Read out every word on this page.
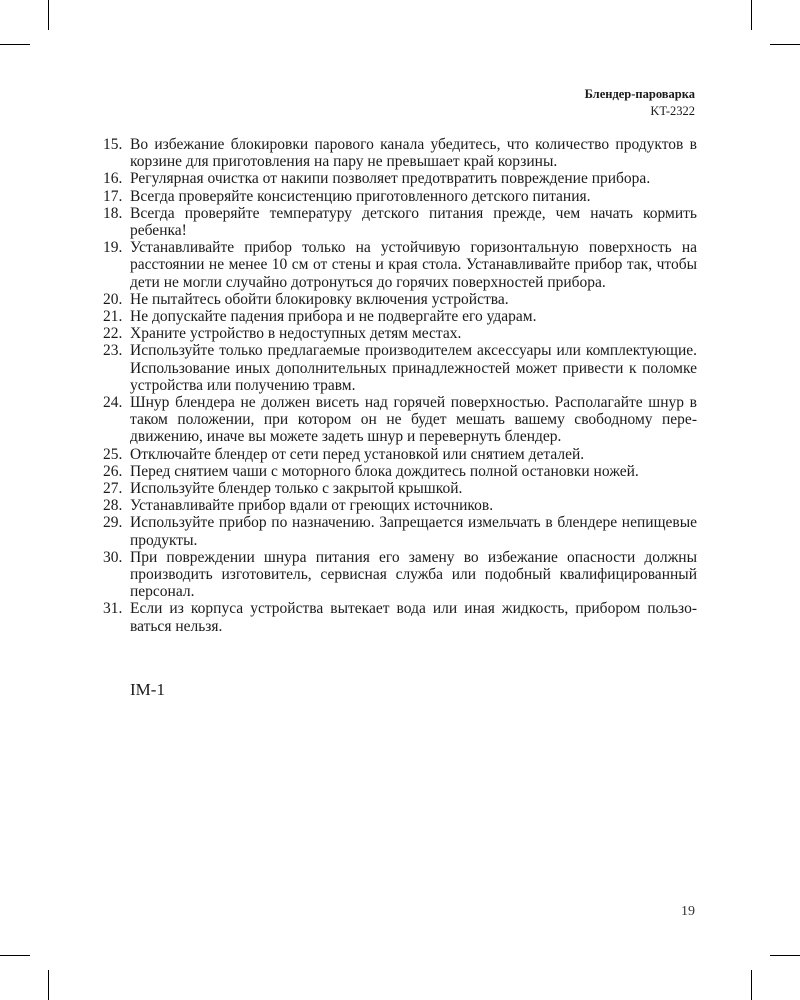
Блендер-пароварка
KT-2322
15. Во избежание блокировки парового канала убедитесь, что количество продуктов в корзине для приготовления на пару не превышает край корзины.
16. Регулярная очистка от накипи позволяет предотвратить повреждение прибора.
17. Всегда проверяйте консистенцию приготовленного детского питания.
18. Всегда проверяйте температуру детского питания прежде, чем начать кормить ребенка!
19. Устанавливайте прибор только на устойчивую горизонтальную поверхность на расстоянии не менее 10 см от стены и края стола. Устанавливайте прибор так, чтобы дети не могли случайно дотронуться до горячих поверхностей прибора.
20. Не пытайтесь обойти блокировку включения устройства.
21. Не допускайте падения прибора и не подвергайте его ударам.
22. Храните устройство в недоступных детям местах.
23. Используйте только предлагаемые производителем аксессуары или комплектующие. Использование иных дополнительных принадлежностей может привести к поломке устройства или получению травм.
24. Шнур блендера не должен висеть над горячей поверхностью. Располагайте шнур в таком положении, при котором он не будет мешать вашему свободному передвижению, иначе вы можете задеть шнур и перевернуть блендер.
25. Отключайте блендер от сети перед установкой или снятием деталей.
26. Перед снятием чаши с моторного блока дождитесь полной остановки ножей.
27. Используйте блендер только с закрытой крышкой.
28. Устанавливайте прибор вдали от греющих источников.
29. Используйте прибор по назначению. Запрещается измельчать в блендере непищевые продукты.
30. При повреждении шнура питания его замену во избежание опасности должны производить изготовитель, сервисная служба или подобный квалифицированный персонал.
31. Если из корпуса устройства вытекает вода или иная жидкость, прибором пользоваться нельзя.
IM-1
19
